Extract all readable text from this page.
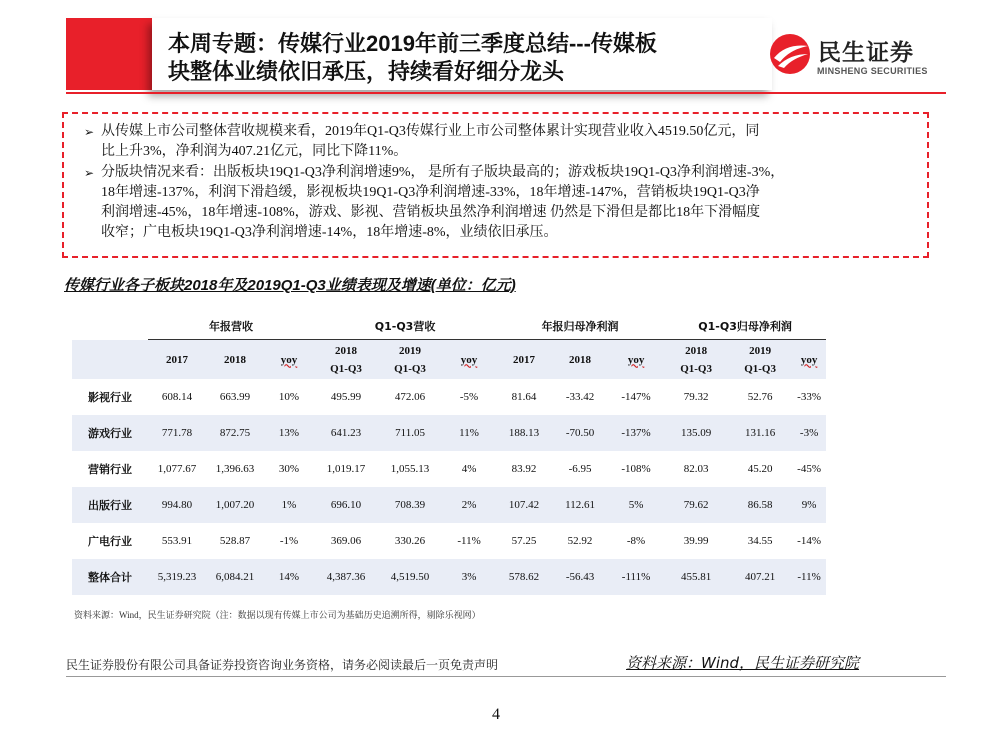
本周专题：传媒行业2019年前三季度总结---传媒板
块整体业绩依旧承压，持续看好细分龙头
民生证券
MINSHENG SECURITIES
➢ 从传媒上市公司整体营收规模来看，2019年Q1-Q3传媒行业上市公司整体累计实现营业收入4519.50亿元，同
比上升3%，净利润为407.21亿元，同比下降11%。
➢ 分版块情况来看：出版板块19Q1-Q3净利润增速9%， 是所有子版块最高的；游戏板块19Q1-Q3净利润增速-3%，
18年增速-137%，利润下滑趋缓，影视板块19Q1-Q3净利润增速-33%，18年增速-147%，营销板块19Q1-Q3净
利润增速-45%，18年增速-108%，游戏、影视、营销板块虽然净利润增速 仍然是下滑但是都比18年下滑幅度
收窄；广电板块19Q1-Q3净利润增速-14%，18年增速-8%，业绩依旧承压。
传媒行业各子板块2018年及2019Q1-Q3业绩表现及增速(单位：亿元)
	年报营收			Q1-Q3营收			年报归母净利润			Q1-Q3归母净利润		
	2017	2018	yoy	2018
Q1-Q3	2019
Q1-Q3	yoy	2017	2018	yoy	2018
Q1-Q3	2019
Q1-Q3	yoy
影视行业	608.14	663.99	10%	495.99	472.06	-5%	81.64	-33.42	-147%	79.32	52.76	-33%
游戏行业	771.78	872.75	13%	641.23	711.05	11%	188.13	-70.50	-137%	135.09	131.16	-3%
营销行业	1,077.67	1,396.63	30%	1,019.17	1,055.13	4%	83.92	-6.95	-108%	82.03	45.20	-45%
出版行业	994.80	1,007.20	1%	696.10	708.39	2%	107.42	112.61	5%	79.62	86.58	9%
广电行业	553.91	528.87	-1%	369.06	330.26	-11%	57.25	52.92	-8%	39.99	34.55	-14%
整体合计	5,319.23	6,084.21	14%	4,387.36	4,519.50	3%	578.62	-56.43	-111%	455.81	407.21	-11%
资料来源：Wind，民生证券研究院（注：数据以现有传媒上市公司为基础历史追溯所得，剔除乐视网）
民生证券股份有限公司具备证券投资咨询业务资格，请务必阅读最后一页免责声明	资料来源：Wind，民生证券研究院
4
